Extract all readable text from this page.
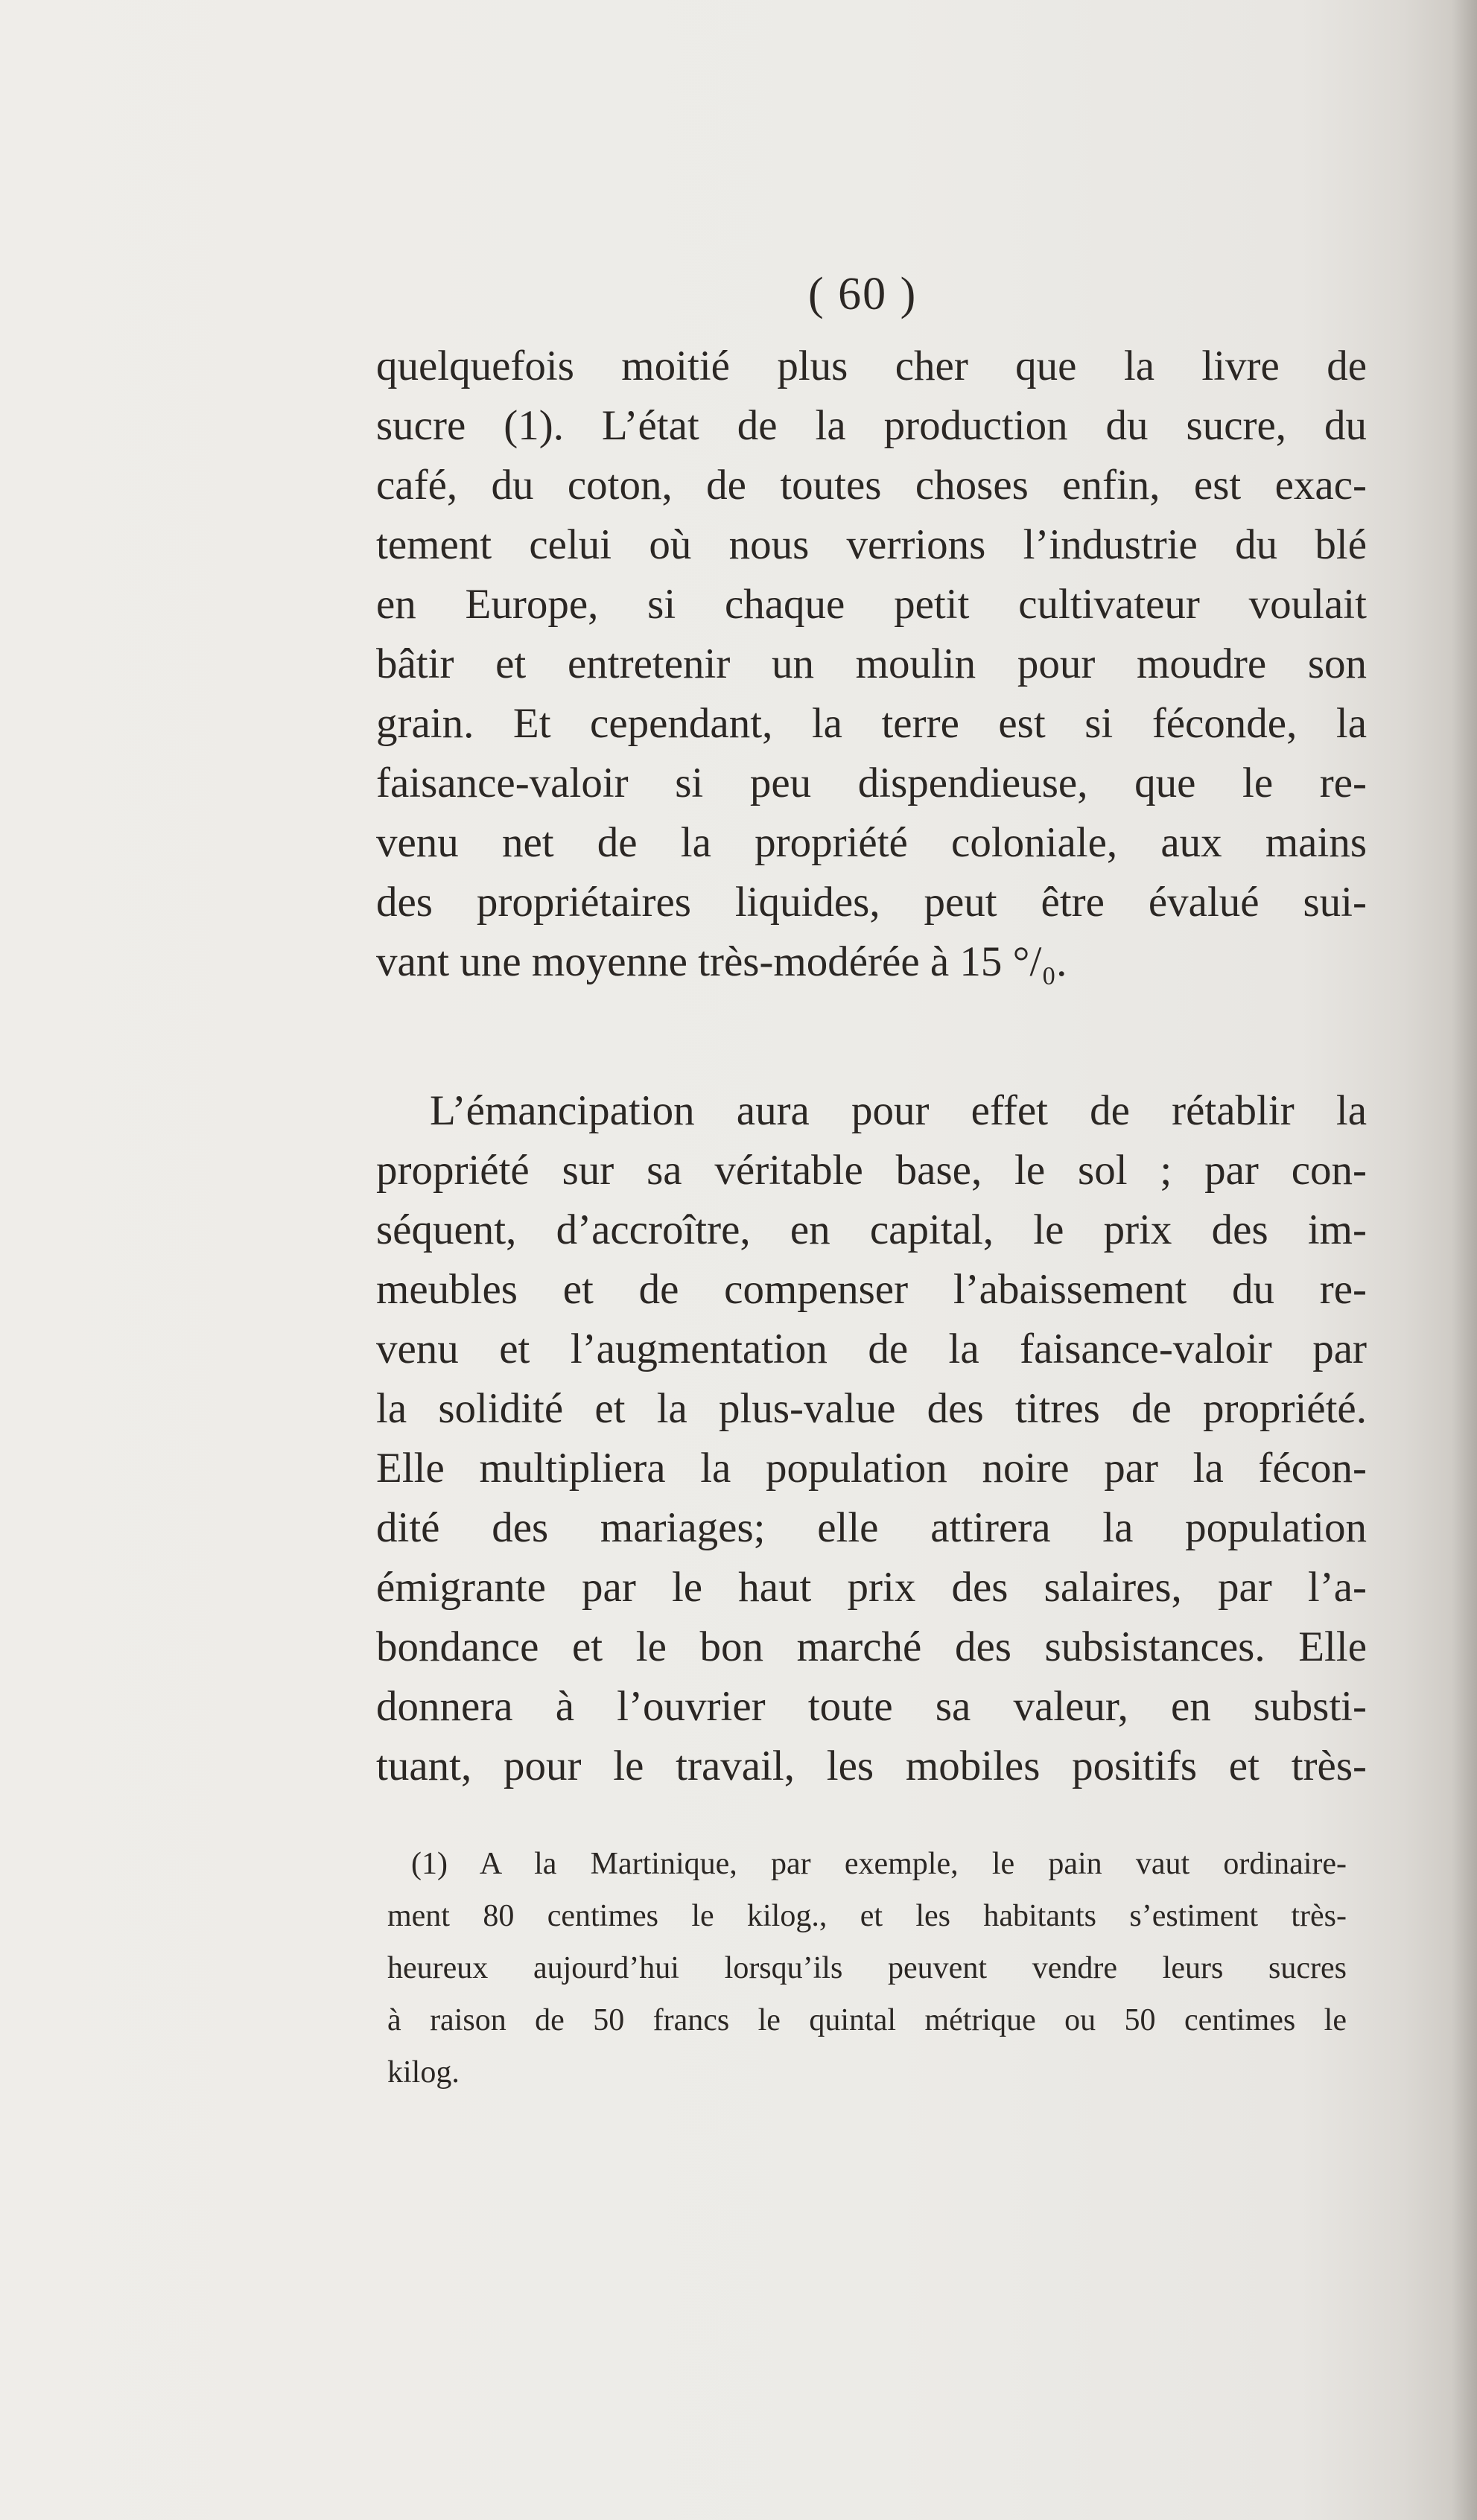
( 60 )
quelquefois moitié plus cher que la livre de
sucre (1). L’état de la production du sucre, du
café, du coton, de toutes choses enfin, est exac-
tement celui où nous verrions l’industrie du blé
en Europe, si chaque petit cultivateur voulait
bâtir et entretenir un moulin pour moudre son
grain. Et cependant, la terre est si féconde, la
faisance-valoir si peu dispendieuse, que le re-
venu net de la propriété coloniale, aux mains
des propriétaires liquides, peut être évalué sui-
vant une moyenne très-modérée à 15 °/₀.
L’émancipation aura pour effet de rétablir la
propriété sur sa véritable base, le sol ; par con-
séquent, d’accroître, en capital, le prix des im-
meubles et de compenser l’abaissement du re-
venu et l’augmentation de la faisance-valoir par
la solidité et la plus-value des titres de propriété.
Elle multipliera la population noire par la fécon-
dité des mariages; elle attirera la population
émigrante par le haut prix des salaires, par l’a-
bondance et le bon marché des subsistances. Elle
donnera à l’ouvrier toute sa valeur, en substi-
tuant, pour le travail, les mobiles positifs et très-
(1) A la Martinique, par exemple, le pain vaut ordinaire-
ment 80 centimes le kilog., et les habitants s’estiment très-
heureux aujourd’hui lorsqu’ils peuvent vendre leurs sucres
à raison de 50 francs le quintal métrique ou 50 centimes le
kilog.
